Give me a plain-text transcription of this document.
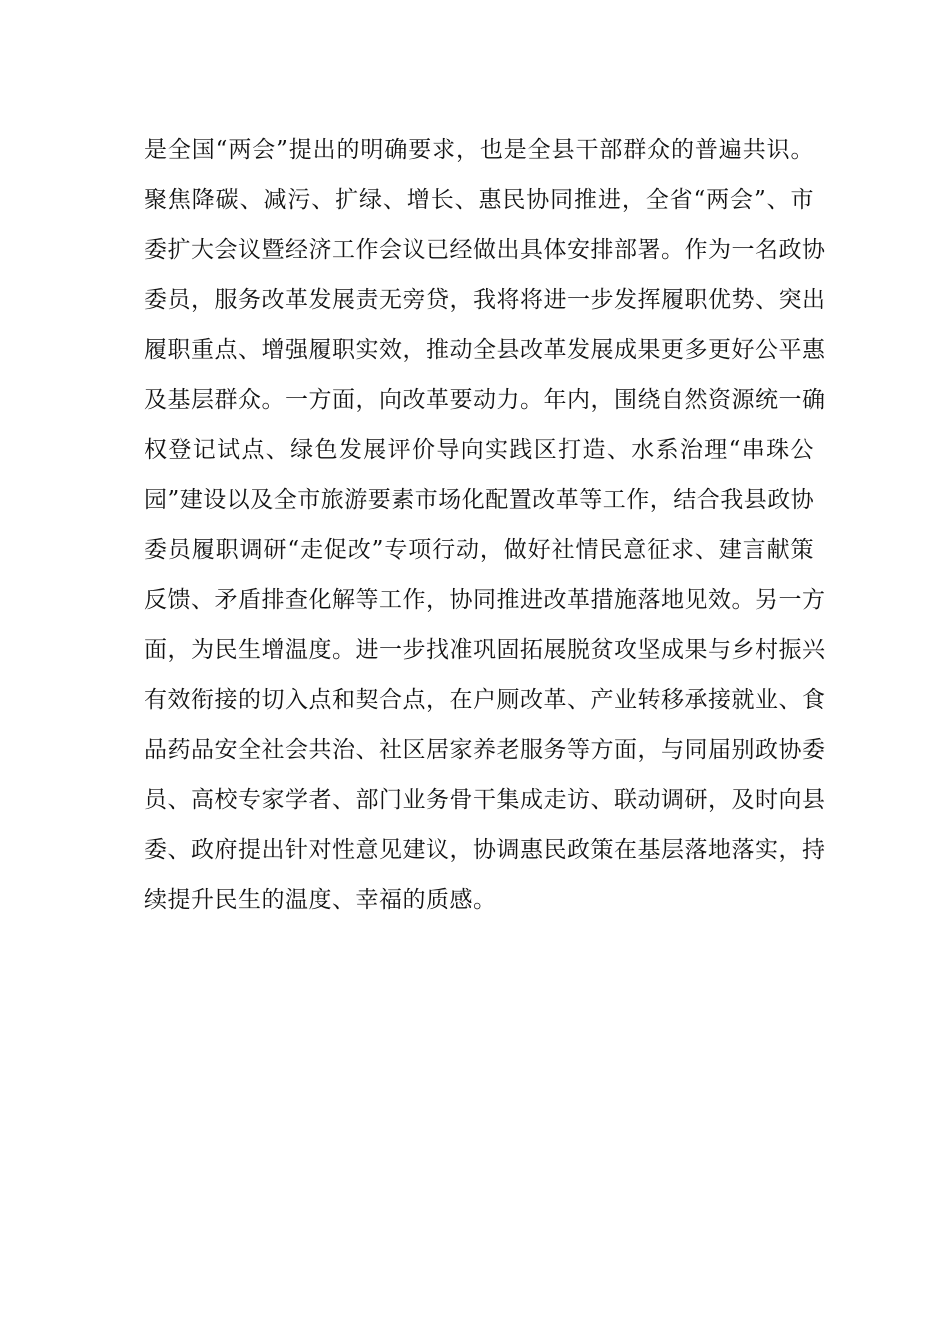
是全国“两会”提出的明确要求，也是全县干部群众的普遍共识。
聚焦降碳、减污、扩绿、增长、惠民协同推进，全省“两会”、市
委扩大会议暨经济工作会议已经做出具体安排部署。作为一名政协
委员，服务改革发展责无旁贷，我将将进一步发挥履职优势、突出
履职重点、增强履职实效，推动全县改革发展成果更多更好公平惠
及基层群众。一方面，向改革要动力。年内，围绕自然资源统一确
权登记试点、绿色发展评价导向实践区打造、水系治理“串珠公
园”建设以及全市旅游要素市场化配置改革等工作，结合我县政协
委员履职调研“走促改”专项行动，做好社情民意征求、建言献策
反馈、矛盾排查化解等工作，协同推进改革措施落地见效。另一方
面，为民生增温度。进一步找准巩固拓展脱贫攻坚成果与乡村振兴
有效衔接的切入点和契合点，在户厕改革、产业转移承接就业、食
品药品安全社会共治、社区居家养老服务等方面，与同届别政协委
员、高校专家学者、部门业务骨干集成走访、联动调研，及时向县
委、政府提出针对性意见建议，协调惠民政策在基层落地落实，持
续提升民生的温度、幸福的质感。
